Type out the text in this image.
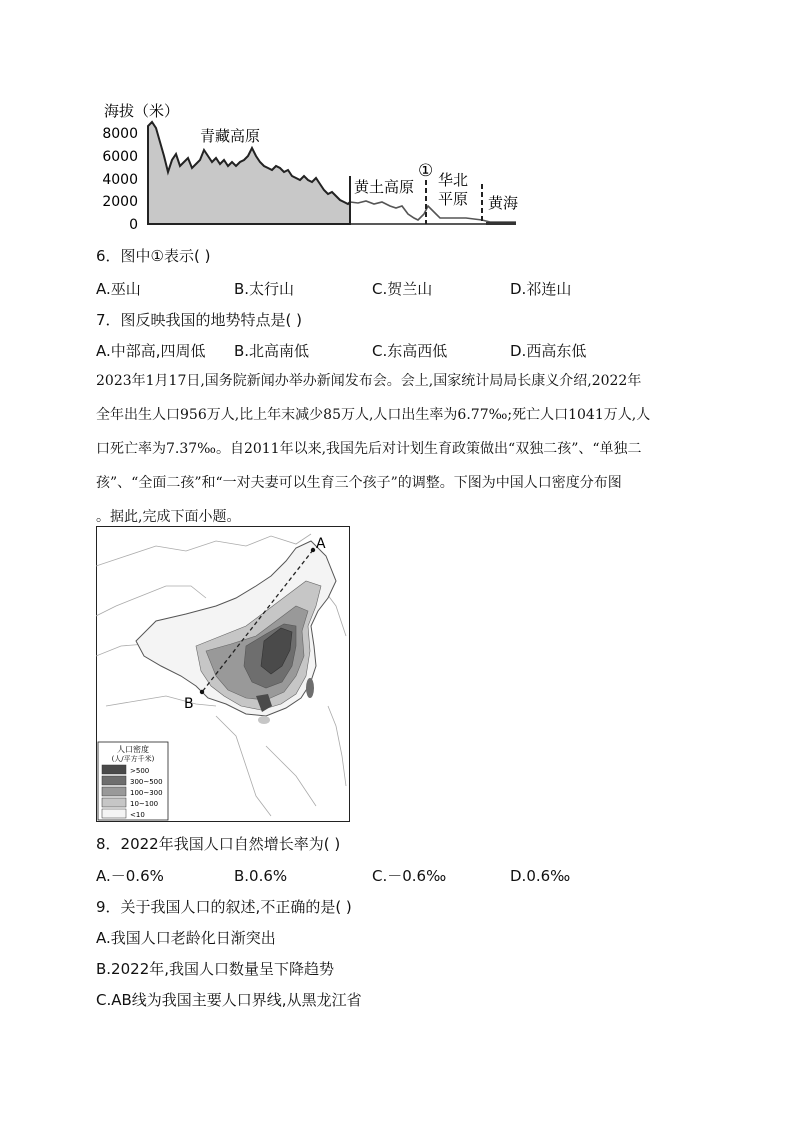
海拔（米）
8000
6000
4000
2000
0
青藏高原
黄土高原
① 华北
平原 黄海
6．图中①表示( )
A.巫山	B.太行山	C.贺兰山	D.祁连山
7．图反映我国的地势特点是( )
A.中部高,四周低 B.北高南低	C.东高西低	D.西高东低

2023年1月17日,国务院新闻办举办新闻发布会。会上,国家统计局局长康义介绍,2022年

全年出生人口956万人,比上年末减少85万人,人口出生率为6.77‰;死亡人口1041万人,人

口死亡率为7.37‰。自2011年以来,我国先后对计划生育政策做出“双独二孩”、“单独二

孩”、“全面二孩”和“一对夫妻可以生育三个孩子”的调整。下图为中国人口密度分布图

。据此,完成下面小题。

A
B
人口密度
(人/平方千米)
>500
300~500
100~300
10~100
<10
8．2022年我国人口自然增长率为( )
A.－0.6%	B.0.6%	C.－0.6‰	D.0.6‰
9．关于我国人口的叙述,不正确的是( )
A.我国人口老龄化日渐突出
B.2022年,我国人口数量呈下降趋势
C.AB线为我国主要人口界线,从黑龙江省
